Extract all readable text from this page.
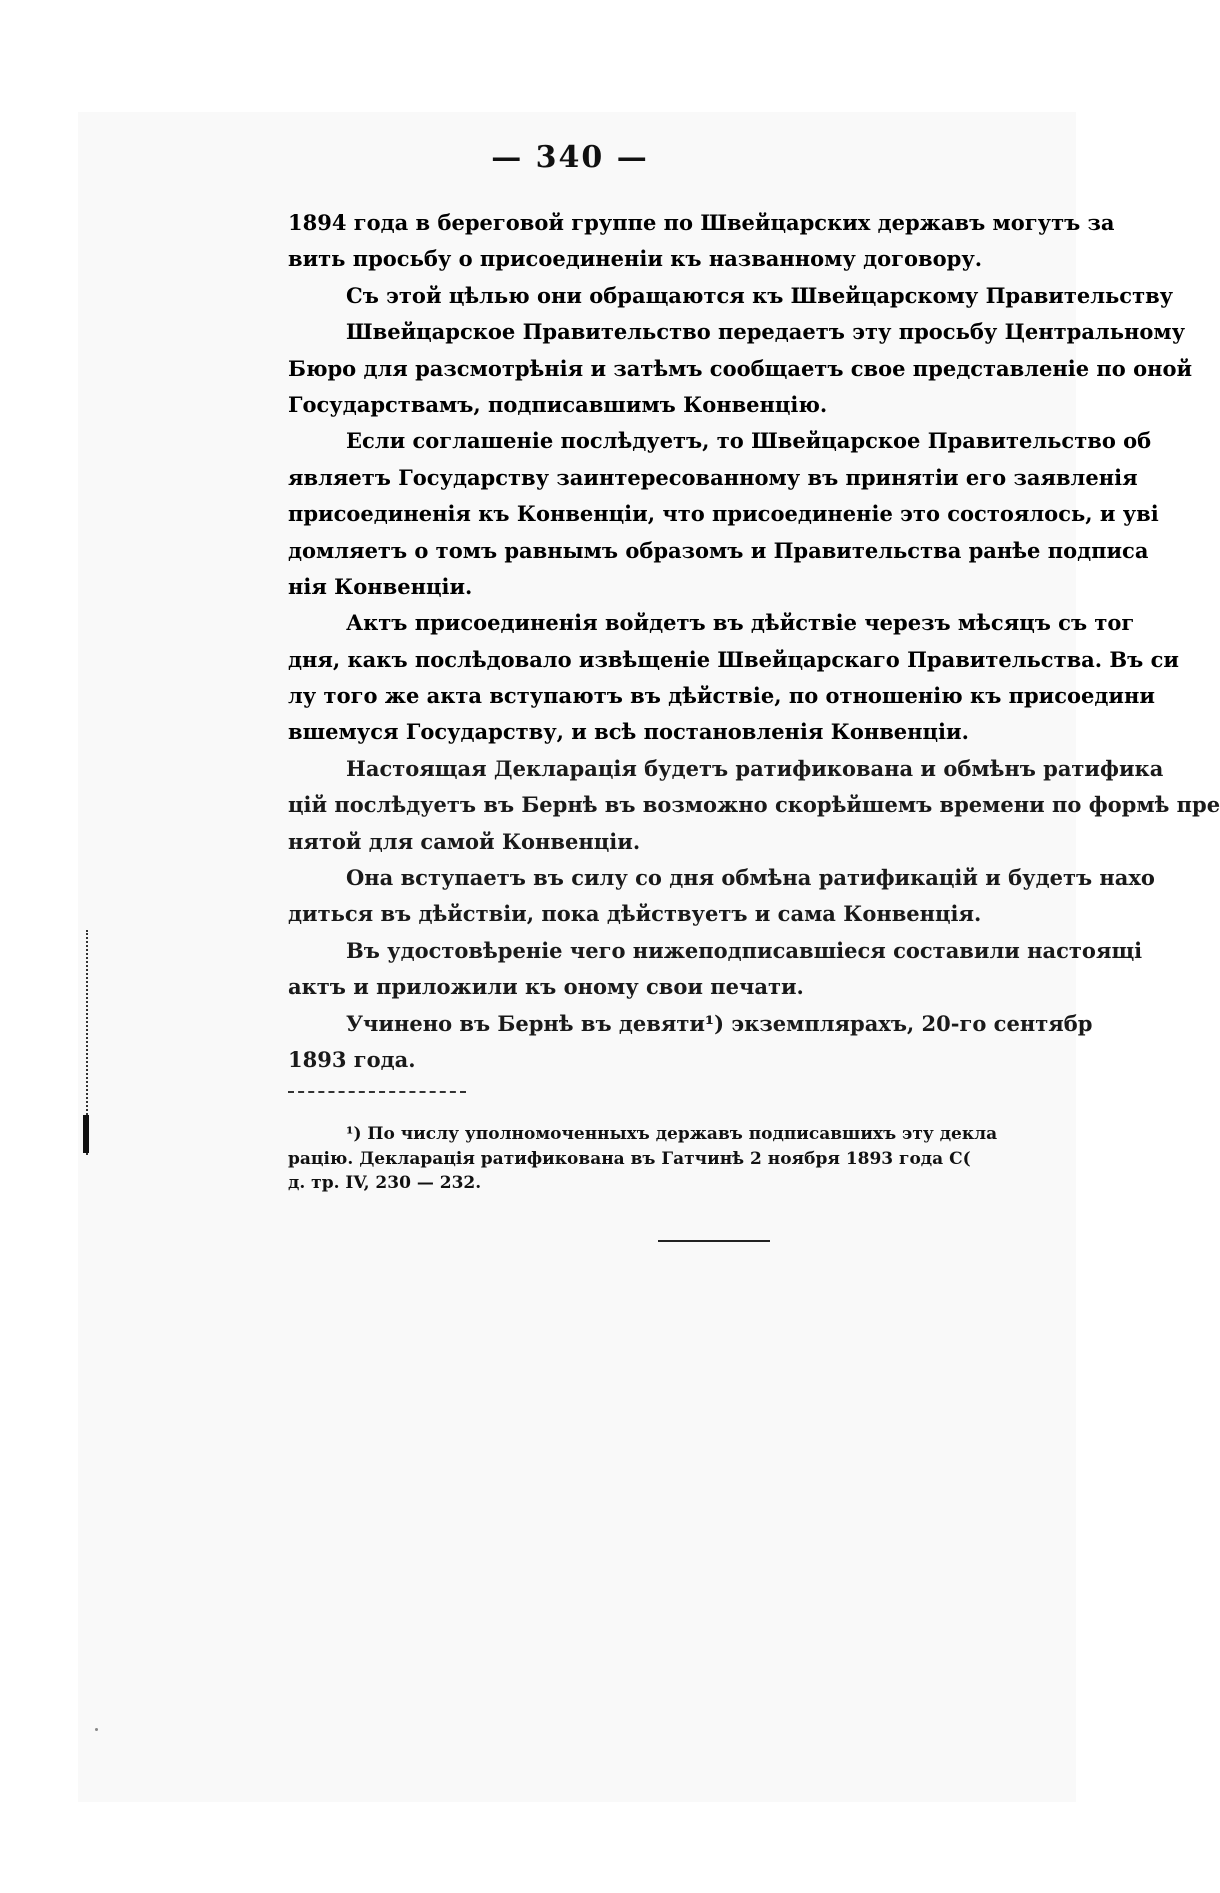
— 340 —
1894 года в береговой группе по Швейцарских державъ могутъ за
вить просьбу о присоединеніи къ названному договору.
Съ этой цѣлью они обращаются къ Швейцарскому Правительству
Швейцарское Правительство передаетъ эту просьбу Центральному
Бюро для разсмотрѣнія и затѣмъ сообщаетъ свое представленіе по оной
Государствамъ, подписавшимъ Конвенцію.
Если соглашеніе послѣдуетъ, то Швейцарское Правительство об
являетъ Государству заинтересованному въ принятіи его заявленія
присоединенія къ Конвенціи, что присоединеніе это состоялось, и уві
домляетъ о томъ равнымъ образомъ и Правительства ранѣе подписа
нія Конвенціи.
Актъ присоединенія войдетъ въ дѣйствіе черезъ мѣсяцъ съ тог
дня, какъ послѣдовало извѣщеніе Швейцарскаго Правительства. Въ си
лу того же акта вступаютъ въ дѣйствіе, по отношенію къ присоедини
вшемуся Государству, и всѣ постановленія Конвенціи.
Настоящая Декларація будетъ ратификована и обмѣнъ ратифика
цій послѣдуетъ въ Бернѣ въ возможно скорѣйшемъ времени по формѣ пре
нятой для самой Конвенціи.
Она вступаетъ въ силу со дня обмѣна ратификацій и будетъ нахо
диться въ дѣйствіи, пока дѣйствуетъ и сама Конвенція.
Въ удостовѣреніе чего нижеподписавшіеся составили настоящі
актъ и приложили къ оному свои печати.
Учинено въ Бернѣ въ девяти¹) экземплярахъ, 20-го сентябр
1893 года.
¹) По числу уполномоченныхъ державъ подписавшихъ эту декла
рацію. Декларація ратификована въ Гатчинѣ 2 ноября 1893 года С(
д. тр. IV, 230 — 232.
